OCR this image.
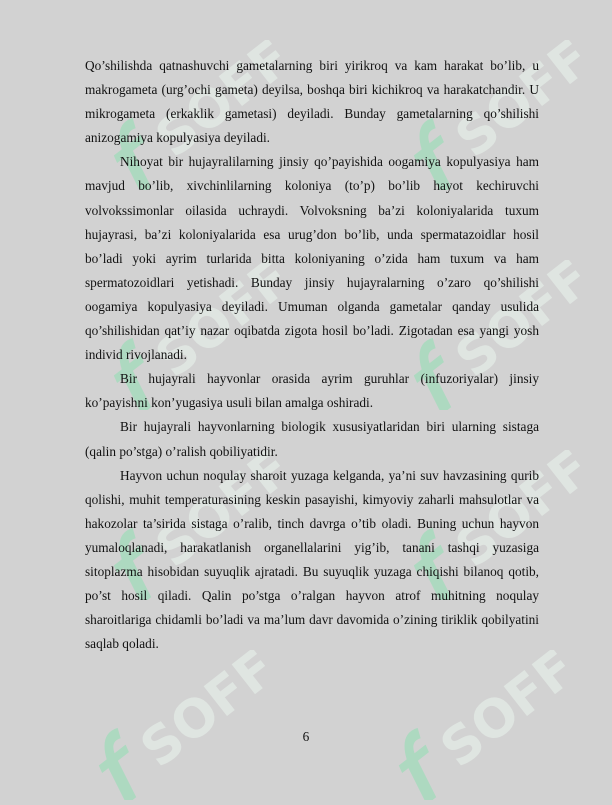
SOFF	SOFF
SOFF	SOFF
SOFF	SOFF
SOFF	SOFF

Qo’shilishda qatnashuvchi gametalarning biri yirikroq va kam harakat bo’lib, u makrogameta (urg’ochi gameta) deyilsa, boshqa biri kichikroq va harakatchandir. U mikrogameta (erkaklik gametasi) deyiladi. Bunday gametalarning qo’shilishi anizogamiya kopulyasiya deyiladi.

Nihoyat bir hujayralilarning jinsiy qo’payishida oogamiya kopulyasiya ham mavjud bo’lib, xivchinlilarning koloniya (to’p) bo’lib hayot kechiruvchi volvokssimonlar oilasida uchraydi. Volvoksning ba’zi koloniyalarida tuxum hujayrasi, ba’zi koloniyalarida esa urug’don bo’lib, unda spermatazoidlar hosil bo’ladi yoki ayrim turlarida bitta koloniyaning o’zida ham tuxum va ham spermatozoidlari yetishadi. Bunday jinsiy hujayralarning o’zaro qo’shilishi oogamiya kopulyasiya deyiladi. Umuman olganda gametalar qanday usulida qo’shilishidan qat’iy nazar oqibatda zigota hosil bo’ladi. Zigotadan esa yangi yosh individ rivojlanadi.

Bir hujayrali hayvonlar orasida ayrim guruhlar (infuzoriyalar) jinsiy ko’payishni kon’yugasiya usuli bilan amalga oshiradi.

Bir hujayrali hayvonlarning biologik xususiyatlaridan biri ularning sistaga (qalin po’stga) o’ralish qobiliyatidir.

Hayvon uchun noqulay sharoit yuzaga kelganda, ya’ni suv havzasining qurib qolishi, muhit temperaturasining keskin pasayishi, kimyoviy zaharli mahsulotlar va hakozolar ta’sirida sistaga o’ralib, tinch davrga o’tib oladi. Buning uchun hayvon yumaloqlanadi, harakatlanish organellalarini yig’ib, tanani tashqi yuzasiga sitoplazma hisobidan suyuqlik ajratadi. Bu suyuqlik yuzaga chiqishi bilanoq qotib, po’st hosil qiladi. Qalin po’stga o’ralgan hayvon atrof muhitning noqulay sharoitlariga chidamli bo’ladi va ma’lum davr davomida o’zining tiriklik qobilyatini saqlab qoladi.

6
